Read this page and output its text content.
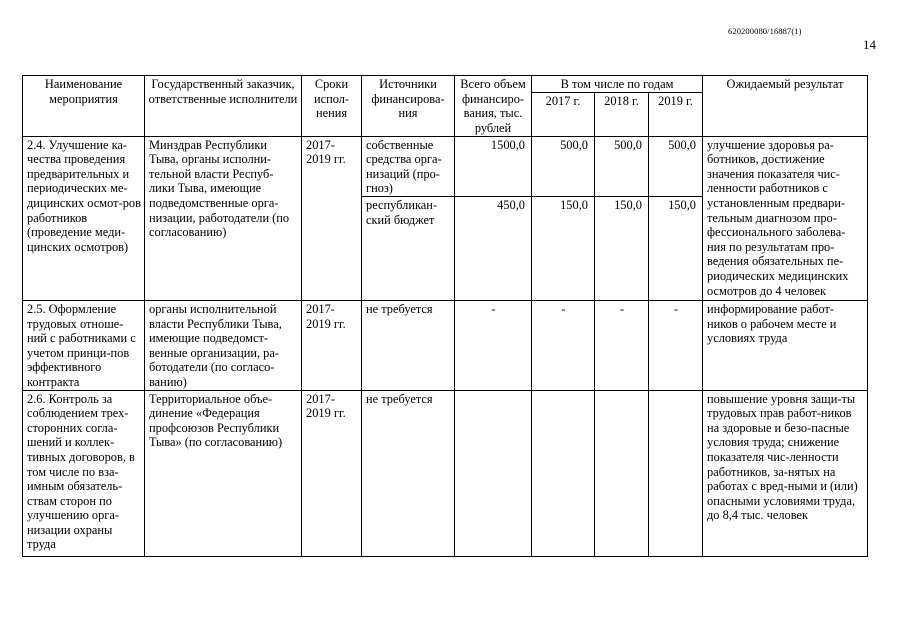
620200080/16887(1)
14
Наименование мероприятия	Государственный заказчик, ответственные исполнители	Сроки испол-нения	Источники финансирова-ния	Всего объем финансиро-вания, тыс. рублей	В том числе по годам			Ожидаемый результат
					2017 г.	2018 г.	2019 г.	
2.4. Улучшение ка-чества проведения предварительных и периодических ме-дицинских осмот-ров работников (проведение меди-цинских осмотров)	Минздрав Республики Тыва, органы исполни-тельной власти Респуб-лики Тыва, имеющие подведомственные орга-низации, работодатели (по согласованию)	2017-2019 гг.	собственные средства орга-низаций (про-гноз)	1500,0	500,0	500,0	500,0	улучшение здоровья ра-ботников, достижение значения показателя чис-ленности работников с установленным предвари-тельным диагнозом про-фессионального заболева-ния по результатам про-ведения обязательных пе-риодических медицинских осмотров до 4 человек
			республикан-ский бюджет	450,0	150,0	150,0	150,0	
2.5. Оформление трудовых отноше-ний с работниками с учетом принци-пов эффективного контракта	органы исполнительной власти Республики Тыва, имеющие подведомст-венные организации, ра-ботодатели (по согласо-ванию)	2017-2019 гг.	не требуется	-	-	-	-	информирование работ-ников о рабочем месте и условиях труда
2.6. Контроль за соблюдением трех-сторонних согла-шений и коллек-тивных договоров, в том числе по вза-имным обязатель-ствам сторон по улучшению орга-низации охраны труда	Территориальное объе-динение «Федерация профсоюзов Республики Тыва» (по согласованию)	2017-2019 гг.	не требуется					повышение уровня защи-ты трудовых прав работ-ников на здоровые и безо-пасные условия труда; снижение показателя чис-ленности работников, за-нятых на работах с вред-ными и (или) опасными условиями труда, до 8,4 тыс. человек
